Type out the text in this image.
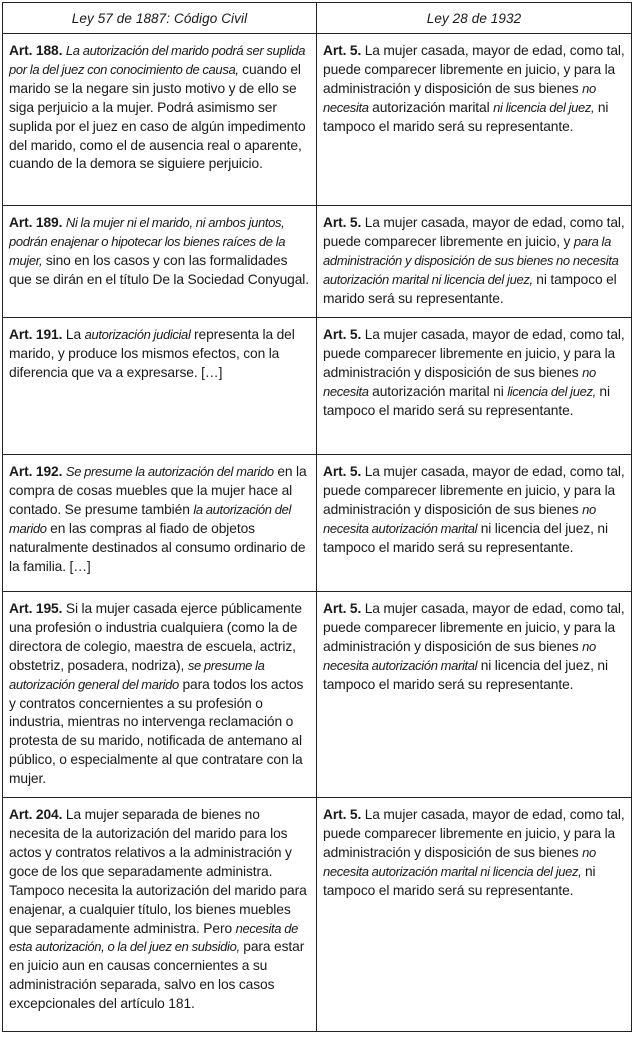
Ley 57 de 1887: Código Civil	Ley 28 de 1932
Art. 188. La autorización del marido podrá ser suplida por la del juez con conocimiento de causa, cuando el marido se la negare sin justo motivo y de ello se siga perjuicio a la mujer. Podrá asimismo ser suplida por el juez en caso de algún impedimento del marido, como el de ausencia real o aparente, cuando de la demora se siguiere perjuicio.	Art. 5. La mujer casada, mayor de edad, como tal, puede comparecer libremente en juicio, y para la administración y disposición de sus bienes no necesita autorización marital ni licencia del juez, ni tampoco el marido será su representante.
Art. 189. Ni la mujer ni el marido, ni ambos juntos, podrán enajenar o hipotecar los bienes raíces de la mujer, sino en los casos y con las formalidades que se dirán en el título De la Sociedad Conyugal.	Art. 5. La mujer casada, mayor de edad, como tal, puede comparecer libremente en juicio, y para la administración y disposición de sus bienes no necesita autorización marital ni licencia del juez, ni tampoco el marido será su representante.
Art. 191. La autorización judicial representa la del marido, y produce los mismos efectos, con la diferencia que va a expresarse. […]	Art. 5. La mujer casada, mayor de edad, como tal, puede comparecer libremente en juicio, y para la administración y disposición de sus bienes no necesita autorización marital ni licencia del juez, ni tampoco el marido será su representante.
Art. 192. Se presume la autorización del marido en la compra de cosas muebles que la mujer hace al contado. Se presume también la autorización del marido en las compras al fiado de objetos naturalmente destinados al consumo ordinario de la familia. […]	Art. 5. La mujer casada, mayor de edad, como tal, puede comparecer libremente en juicio, y para la administración y disposición de sus bienes no necesita autorización marital ni licencia del juez, ni tampoco el marido será su representante.
Art. 195. Si la mujer casada ejerce públicamente una profesión o industria cualquiera (como la de directora de colegio, maestra de escuela, actriz, obstetriz, posadera, nodriza), se presume la autorización general del marido para todos los actos y contratos concernientes a su profesión o industria, mientras no intervenga reclamación o protesta de su marido, notificada de antemano al público, o especialmente al que contratare con la mujer.	Art. 5. La mujer casada, mayor de edad, como tal, puede comparecer libremente en juicio, y para la administración y disposición de sus bienes no necesita autorización marital ni licencia del juez, ni tampoco el marido será su representante.
Art. 204. La mujer separada de bienes no necesita de la autorización del marido para los actos y contratos relativos a la administración y goce de los que separadamente administra. Tampoco necesita la autorización del marido para enajenar, a cualquier título, los bienes muebles que separadamente administra. Pero necesita de esta autorización, o la del juez en subsidio, para estar en juicio aun en causas concernientes a su administración separada, salvo en los casos excepcionales del artículo 181.	Art. 5. La mujer casada, mayor de edad, como tal, puede comparecer libremente en juicio, y para la administración y disposición de sus bienes no necesita autorización marital ni licencia del juez, ni tampoco el marido será su representante.
